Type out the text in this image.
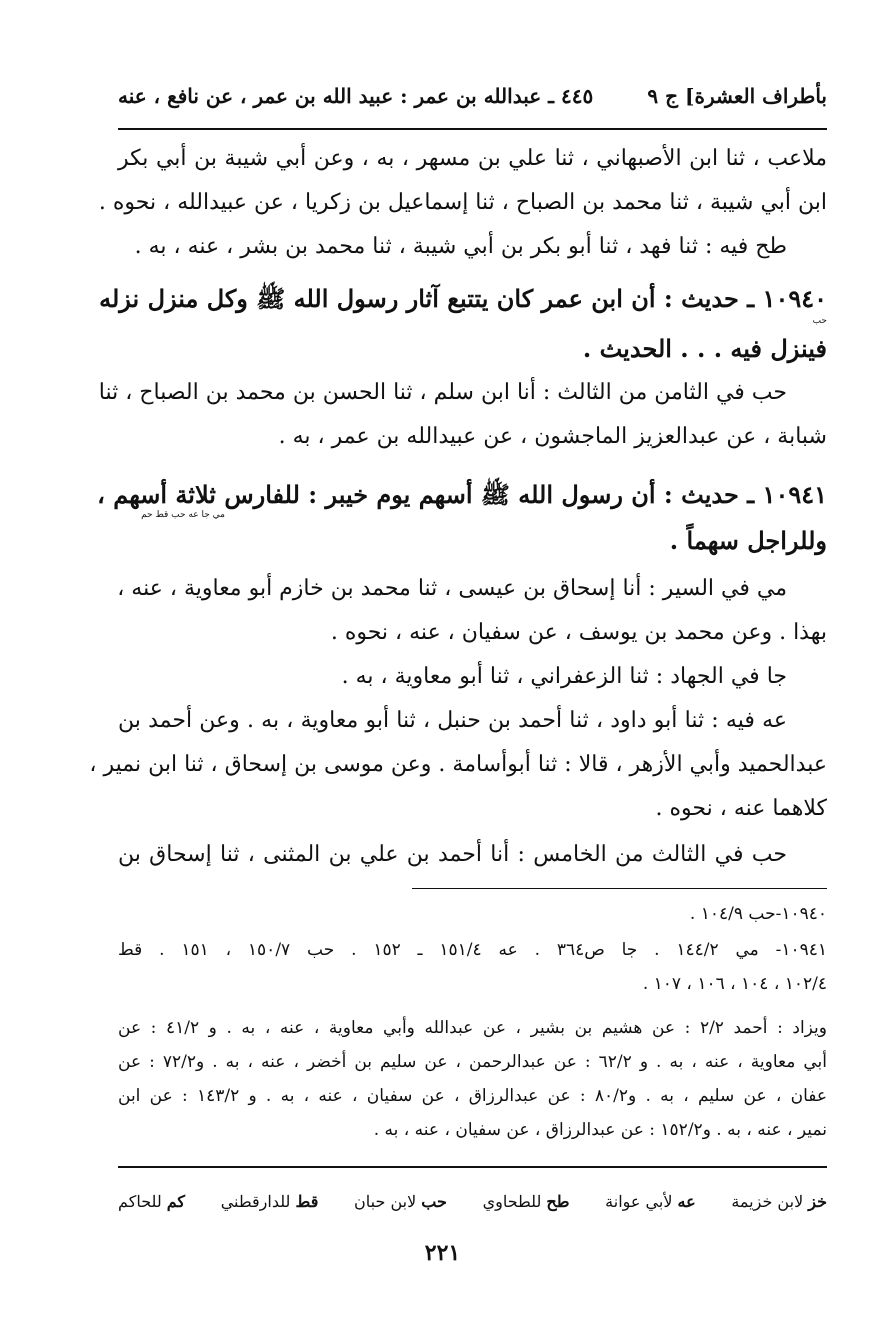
بأطراف العشرة] ج ٩
٤٤٥ ـ عبدالله بن عمر : عبيد الله بن عمر ، عن نافع ، عنه
ملاعب ، ثنا ابن الأصبهاني ، ثنا علي بن مسهر ، به ، وعن أبي شيبة بن أبي بكر
ابن أبي شيبة ، ثنا محمد بن الصباح ، ثنا إسماعيل بن زكريا ، عن عبيدالله ، نحوه .
طح فيه : ثنا فهد ، ثنا أبو بكر بن أبي شيبة ، ثنا محمد بن بشر ، عنه ، به .
١٠٩٤٠ ـ حديث : أن ابن عمر كان يتتبع آثار رسول الله ﷺ وكل منزل نزله
حب
فينزل فيه . . . الحديث .
حب في الثامن من الثالث : أنا ابن سلم ، ثنا الحسن بن محمد بن الصباح ، ثنا
شبابة ، عن عبدالعزيز الماجشون ، عن عبيدالله بن عمر ، به .
١٠٩٤١ ـ حديث : أن رسول الله ﷺ أسهم يوم خيبر : للفارس ثلاثة أسهم ،
مي جا عه حب قط حم
وللراجل سهماً .
مي في السير : أنا إسحاق بن عيسى ، ثنا محمد بن خازم أبو معاوية ، عنه ،
بهذا . وعن محمد بن يوسف ، عن سفيان ، عنه ، نحوه .
جا في الجهاد : ثنا الزعفراني ، ثنا أبو معاوية ، به .
عه فيه : ثنا أبو داود ، ثنا أحمد بن حنبل ، ثنا أبو معاوية ، به . وعن أحمد بن
عبدالحميد وأبي الأزهر ، قالا : ثنا أبوأسامة . وعن موسى بن إسحاق ، ثنا ابن نمير ،
كلاهما عنه ، نحوه .
حب في الثالث من الخامس : أنا أحمد بن علي بن المثنى ، ثنا إسحاق بن
١٠٩٤٠-حب ١٠٤/٩ .
١٠٩٤١- مي ١٤٤/٢ . جا ص٣٦٤ . عه ١٥١/٤ ـ ١٥٢ . حب ١٥٠/٧ ، ١٥١ . قط
١٠٢/٤ ، ١٠٤ ، ١٠٦ ، ١٠٧ .
ويزاد : أحمد ٢/٢ : عن هشيم بن بشير ، عن عبدالله وأبي معاوية ، عنه ، به . و ٤١/٢ : عن
أبي معاوية ، عنه ، به . و ٦٢/٢ : عن عبدالرحمن ، عن سليم بن أخضر ، عنه ، به . و٧٢/٢ : عن
عفان ، عن سليم ، به . و٨٠/٢ : عن عبدالرزاق ، عن سفيان ، عنه ، به . و ١٤٣/٢ : عن ابن
نمير ، عنه ، به . و١٥٢/٢ : عن عبدالرزاق ، عن سفيان ، عنه ، به .
خز لابن خزيمة
عه لأبي عوانة
طح للطحاوي
حب لابن حبان
قط للدارقطني
كم للحاكم
٢٢١
